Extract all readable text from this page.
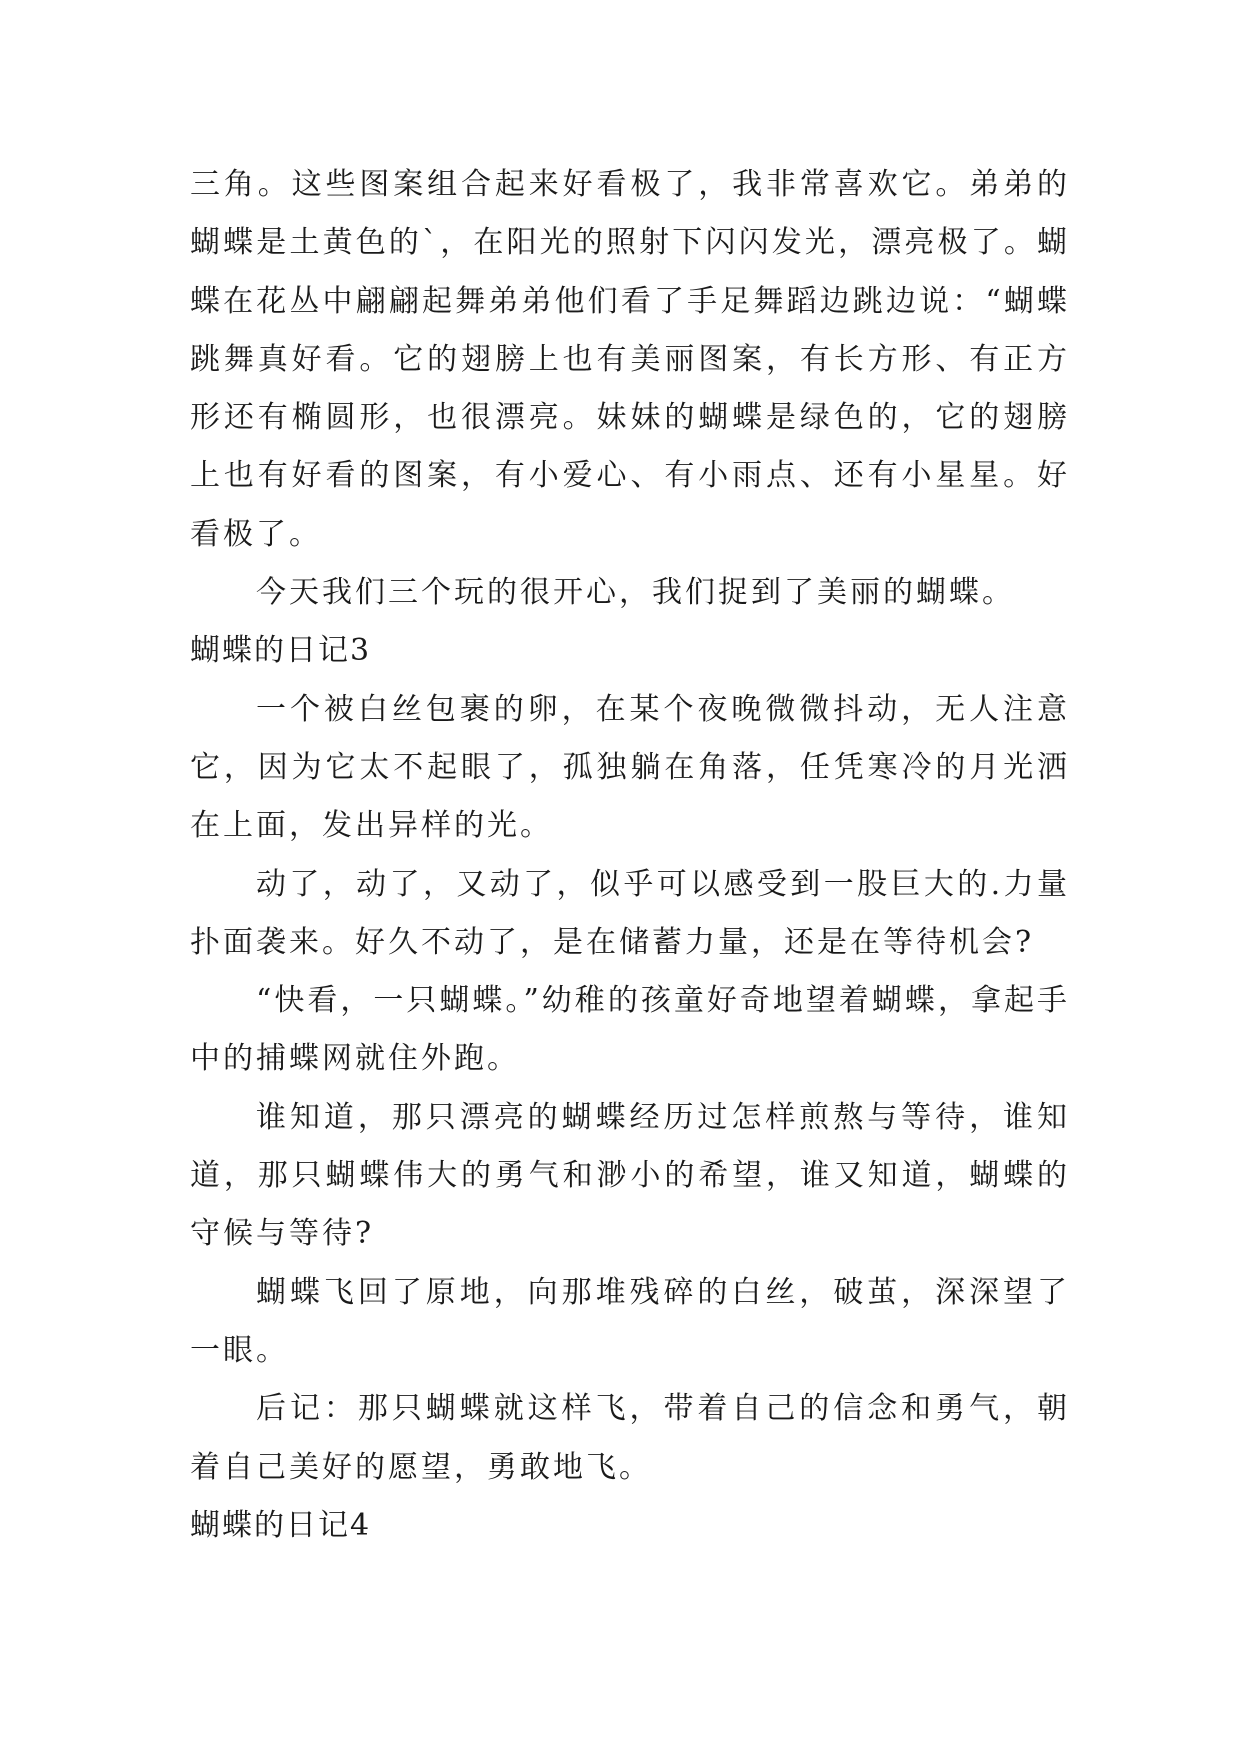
三角。这些图案组合起来好看极了，我非常喜欢它。弟弟的蝴蝶是土黄色的`，在阳光的照射下闪闪发光，漂亮极了。蝴蝶在花丛中翩翩起舞弟弟他们看了手足舞蹈边跳边说：“蝴蝶跳舞真好看。它的翅膀上也有美丽图案，有长方形、有正方形还有椭圆形，也很漂亮。妹妹的蝴蝶是绿色的，它的翅膀上也有好看的图案，有小爱心、有小雨点、还有小星星。好看极了。

今天我们三个玩的很开心，我们捉到了美丽的蝴蝶。

蝴蝶的日记3

一个被白丝包裹的卵，在某个夜晚微微抖动，无人注意它，因为它太不起眼了，孤独躺在角落，任凭寒冷的月光洒在上面，发出异样的光。

动了，动了，又动了，似乎可以感受到一股巨大的.力量扑面袭来。好久不动了，是在储蓄力量，还是在等待机会?

“快看，一只蝴蝶。”幼稚的孩童好奇地望着蝴蝶，拿起手中的捕蝶网就住外跑。

谁知道，那只漂亮的蝴蝶经历过怎样煎熬与等待，谁知道，那只蝴蝶伟大的勇气和渺小的希望，谁又知道，蝴蝶的守候与等待?

蝴蝶飞回了原地，向那堆残碎的白丝，破茧，深深望了一眼。

后记：那只蝴蝶就这样飞，带着自己的信念和勇气，朝着自己美好的愿望，勇敢地飞。

蝴蝶的日记4
